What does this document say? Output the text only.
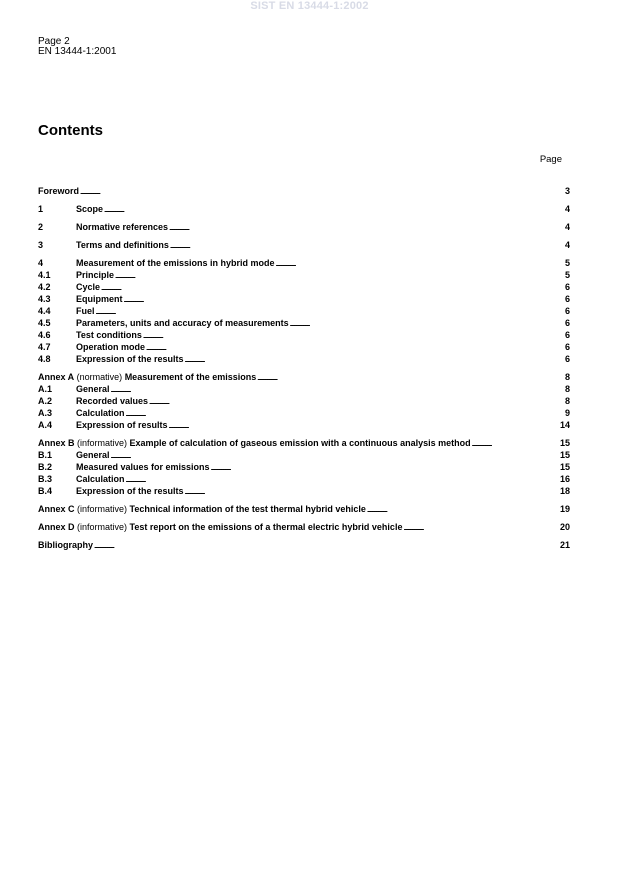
SIST EN 13444-1:2002
Page 2
EN 13444-1:2001
Contents
Page
Foreword . . .	3
1	Scope . . .	4
2	Normative references . . .	4
3	Terms and definitions . . .	4
4	Measurement of the emissions in hybrid mode . . .	5
4.1	Principle . . .	5
4.2	Cycle . . .	6
4.3	Equipment . . .	6
4.4	Fuel . . .	6
4.5	Parameters, units and accuracy of measurements . . .	6
4.6	Test conditions . . .	6
4.7	Operation mode . . .	6
4.8	Expression of the results . . .	6
Annex A (normative) Measurement of the emissions . . .	8
A.1	General . . .	8
A.2	Recorded values . . .	8
A.3	Calculation . . .	9
A.4	Expression of results . . .	14
Annex B (informative) Example of calculation of gaseous emission with a continuous analysis method . . .	15
B.1	General . . .	15
B.2	Measured values for emissions . . .	15
B.3	Calculation . . .	16
B.4	Expression of the results . . .	18
Annex C (informative) Technical information of the test thermal hybrid vehicle . . .	19
Annex D (informative) Test report on the emissions of a thermal electric hybrid vehicle . . .	20
Bibliography . . .	21
